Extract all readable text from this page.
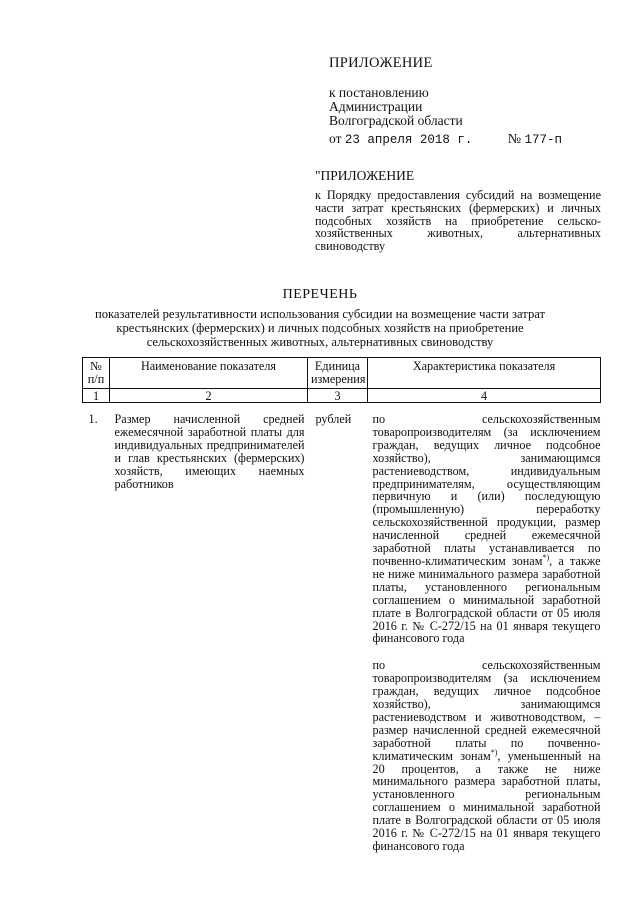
ПРИЛОЖЕНИЕ
к постановлению
Администрации
Волгоградской области
от 23 апреля 2018 г.	№ 177-п
"ПРИЛОЖЕНИЕ
к Порядку предоставления субсидий на возмещение части затрат крестьянских (фермерских) и личных подсобных хозяйств на приобретение сельско-хозяйственных животных, альтернативных свиноводству
ПЕРЕЧЕНЬ
показателей результативности использования субсидии на возмещение части затрат
крестьянских (фермерских) и личных подсобных хозяйств на приобретение
сельскохозяйственных животных, альтернативных свиноводству
№ п/п	Наименование показателя	Единица измерения	Характеристика показателя
1	2	3	4
1.	Размер начисленной средней ежемесячной заработной платы для индивидуальных предпринимателей и глав крестьянских (фермерских) хозяйств, имеющих наемных работников	рублей	по сельскохозяйственным товаропроизводителям (за исключением граждан, ведущих личное подсобное хозяйство), занимающимся растениеводством, индивидуальным предпринимателям, осуществляющим первичную и (или) последующую (промышленную) переработку сельскохозяйственной продукции, размер начисленной средней ежемесячной заработной платы устанавливается по почвенно-климатическим зонам*), а также не ниже минимального размера заработной платы, установленного региональным соглашением о минимальной заработной плате в Волгоградской области от 05 июля 2016 г. № С-272/15 на 01 января текущего финансового года

по сельскохозяйственным товаропроизводителям (за исключением граждан, ведущих личное подсобное хозяйство), занимающимся растениеводством и животноводством, – размер начисленной средней ежемесячной заработной платы по почвенно-климатическим зонам*), уменьшенный на 20 процентов, а также не ниже минимального размера заработной платы, установленного региональным соглашением о минимальной заработной плате в Волгоградской области от 05 июля 2016 г. № С-272/15 на 01 января текущего финансового года
